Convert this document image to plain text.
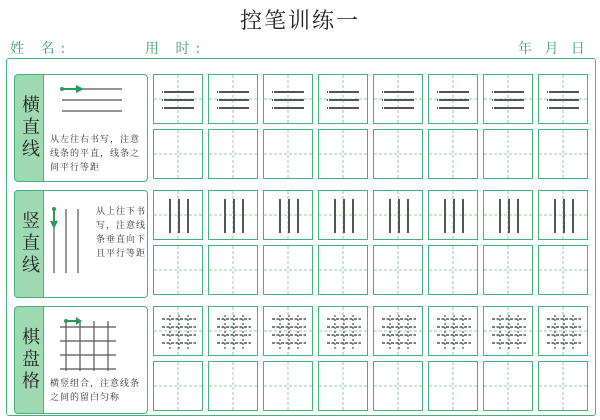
控笔训练一
姓 名:	用 时:	年 月 日
横直线 从左往右书写，注意线条的平直，线条之间平行等距
竖直线	从上往下书写，注意线条垂直向下且平行等距
棋盘格 横竖组合，注意线条之间的留白匀称
